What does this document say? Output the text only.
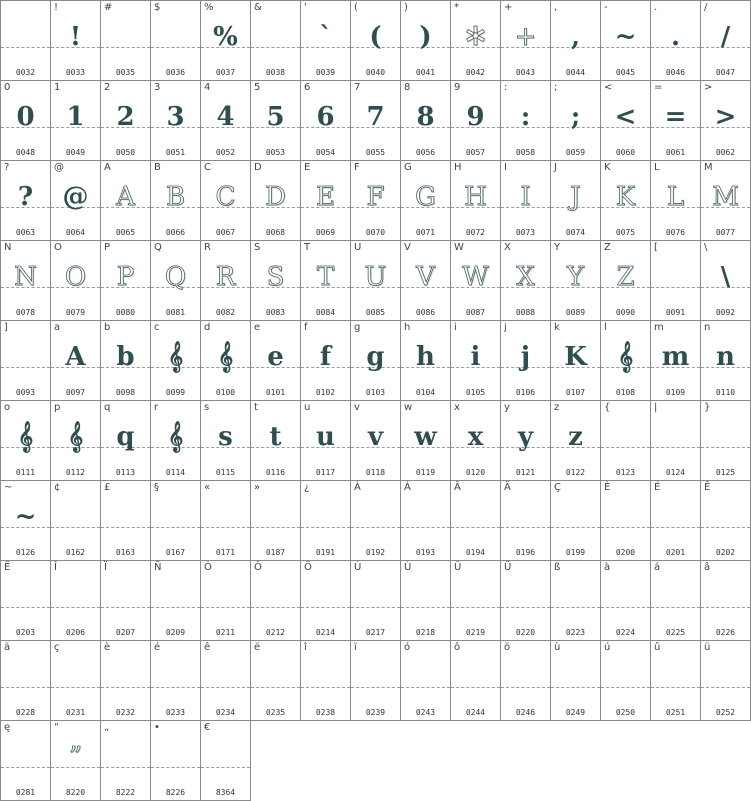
0032
!
!
0033
#
0035
$
0036
%
%
0037
&
0038
'
`
0039
(
(
0040
)
)
0041
*
✲
0042
+
+
0043
,
,
0044
-
~
0045
.
.
0046
/
/
0047
0
0
0048
1
1
0049
2
2
0050
3
3
0051
4
4
0052
5
5
0053
6
6
0054
7
7
0055
8
8
0056
9
9
0057
:
:
0058
;
;
0059
<
<
0060
=
=
0061
>
>
0062
?
?
0063
@
@
0064
A
A
0065
B
B
0066
C
C
0067
D
D
0068
E
E
0069
F
F
0070
G
G
0071
H
H
0072
I
I
0073
J
J
0074
K
K
0075
L
L
0076
M
M
0077
N
N
0078
O
O
0079
P
P
0080
Q
Q
0081
R
R
0082
S
S
0083
T
T
0084
U
U
0085
V
V
0086
W
W
0087
X
X
0088
Y
Y
0089
Z
Z
0090
[
0091
\
\
0092
]
0093
a
A
0097
b
b
0098
c
𝄞
0099
d
𝄞
0100
e
e
0101
f
f
0102
g
g
0103
h
h
0104
i
i
0105
j
j
0106
k
K
0107
l
𝄞
0108
m
m
0109
n
n
0110
o
𝄞
0111
p
𝄞
0112
q
q
0113
r
𝄞
0114
s
s
0115
t
t
0116
u
u
0117
v
v
0118
w
w
0119
x
x
0120
y
y
0121
z
z
0122
{
0123
|
0124
}
0125
~
~
0126
¢
0162
£
0163
§
0167
«
0171
»
0187
¿
0191
À
0192
Á
0193
Â
0194
Ä
0196
Ç
0199
È
0200
É
0201
Ê
0202
Ë
0203
Î
0206
Ï
0207
Ñ
0209
Ó
0211
Ô
0212
Ö
0214
Ù
0217
Ú
0218
Û
0219
Ü
0220
ß
0223
à
0224
á
0225
â
0226
ä
0228
ç
0231
è
0232
é
0233
ê
0234
ë
0235
î
0238
ï
0239
ó
0243
ô
0244
ö
0246
ù
0249
ú
0250
û
0251
ü
0252
ę
0281
“
”
8220
„
8222
•
8226
€
8364
